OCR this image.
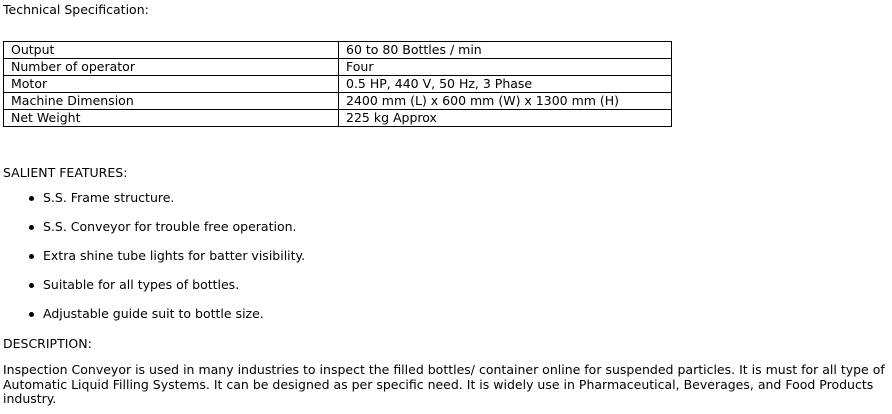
Technical Specification:
Output	60 to 80 Bottles / min
Number of operator	Four
Motor	0.5 HP, 440 V, 50 Hz, 3 Phase
Machine Dimension	2400 mm (L) x 600 mm (W) x 1300 mm (H)
Net Weight	225 kg Approx
SALIENT FEATURES:
S.S. Frame structure.
S.S. Conveyor for trouble free operation.
Extra shine tube lights for batter visibility.
Suitable for all types of bottles.
Adjustable guide suit to bottle size.
DESCRIPTION:
Inspection Conveyor is used in many industries to inspect the filled bottles/ container online for suspended particles. It is must for all type of Automatic Liquid Filling Systems. It can be designed as per specific need. It is widely use in Pharmaceutical, Beverages, and Food Products industry.
